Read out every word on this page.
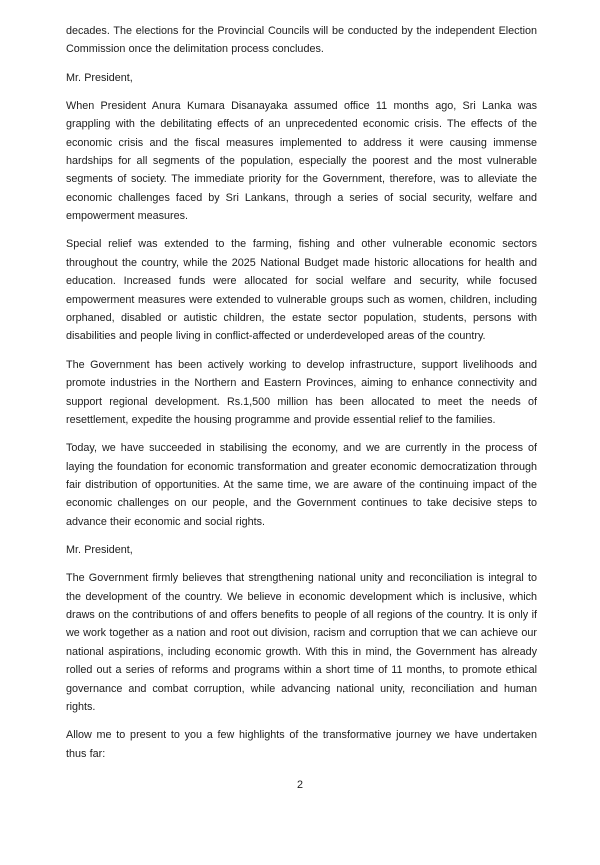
decades. The elections for the Provincial Councils will be conducted by the independent Election Commission once the delimitation process concludes.

Mr. President,

When President Anura Kumara Disanayaka assumed office 11 months ago, Sri Lanka was grappling with the debilitating effects of an unprecedented economic crisis. The effects of the economic crisis and the fiscal measures implemented to address it were causing immense hardships for all segments of the population, especially the poorest and the most vulnerable segments of society. The immediate priority for the Government, therefore, was to alleviate the economic challenges faced by Sri Lankans, through a series of social security, welfare and empowerment measures.

Special relief was extended to the farming, fishing and other vulnerable economic sectors throughout the country, while the 2025 National Budget made historic allocations for health and education. Increased funds were allocated for social welfare and security, while focused empowerment measures were extended to vulnerable groups such as women, children, including orphaned, disabled or autistic children, the estate sector population, students, persons with disabilities and people living in conflict-affected or underdeveloped areas of the country.

The Government has been actively working to develop infrastructure, support livelihoods and promote industries in the Northern and Eastern Provinces, aiming to enhance connectivity and support regional development. Rs.1,500 million has been allocated to meet the needs of resettlement, expedite the housing programme and provide essential relief to the families.

Today, we have succeeded in stabilising the economy, and we are currently in the process of laying the foundation for economic transformation and greater economic democratization through fair distribution of opportunities. At the same time, we are aware of the continuing impact of the economic challenges on our people, and the Government continues to take decisive steps to advance their economic and social rights.

Mr. President,

The Government firmly believes that strengthening national unity and reconciliation is integral to the development of the country. We believe in economic development which is inclusive, which draws on the contributions of and offers benefits to people of all regions of the country. It is only if we work together as a nation and root out division, racism and corruption that we can achieve our national aspirations, including economic growth. With this in mind, the Government has already rolled out a series of reforms and programs within a short time of 11 months, to promote ethical governance and combat corruption, while advancing national unity, reconciliation and human rights.

Allow me to present to you a few highlights of the transformative journey we have undertaken thus far:

2
